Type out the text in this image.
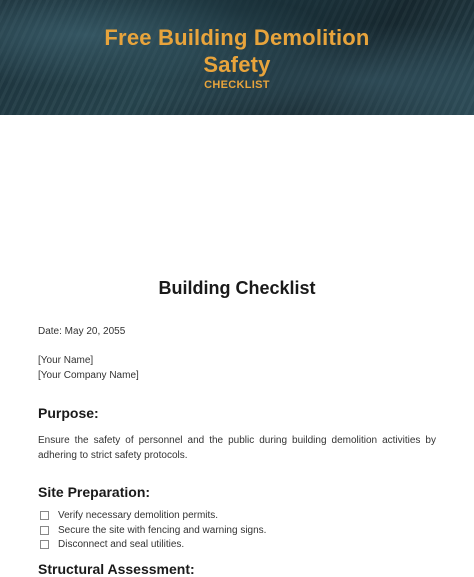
Free Building Demolition
Safety
CHECKLIST
Building Checklist
Date: May 20, 2055
[Your Name]
[Your Company Name]
Purpose:
Ensure the safety of personnel and the public during building demolition activities by adhering to strict safety protocols.
Site Preparation:
Verify necessary demolition permits.
Secure the site with fencing and warning signs.
Disconnect and seal utilities.
Structural Assessment:
